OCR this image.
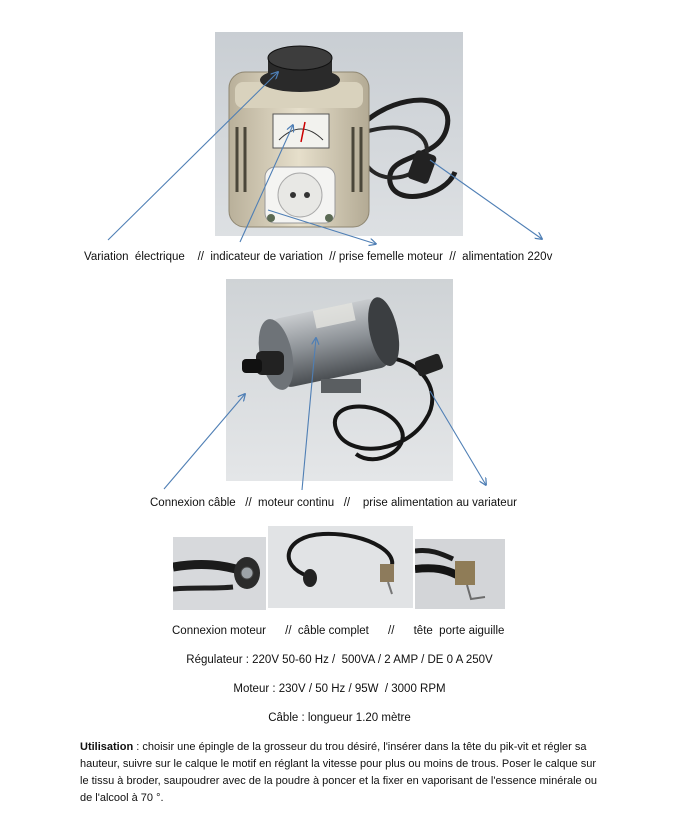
Variation  électrique    //  indicateur de variation  // prise femelle moteur  //  alimentation 220v
Connexion câble   //  moteur continu   //    prise alimentation au variateur
Connexion moteur      //  câble complet      //      tête  porte aiguille
Régulateur : 220V 50-60 Hz /  500VA / 2 AMP / DE 0 A 250V
Moteur : 230V / 50 Hz / 95W  / 3000 RPM
Câble : longueur 1.20 mètre
Utilisation : choisir une épingle de la grosseur du trou désiré, l'insérer dans la tête du pik-vit et régler sa hauteur, suivre sur le calque le motif en réglant la vitesse pour plus ou moins de trous. Poser le calque sur le tissu à broder, saupoudrer avec de la poudre à poncer et la fixer en vaporisant de l'essence minérale ou de l'alcool à 70 °.
